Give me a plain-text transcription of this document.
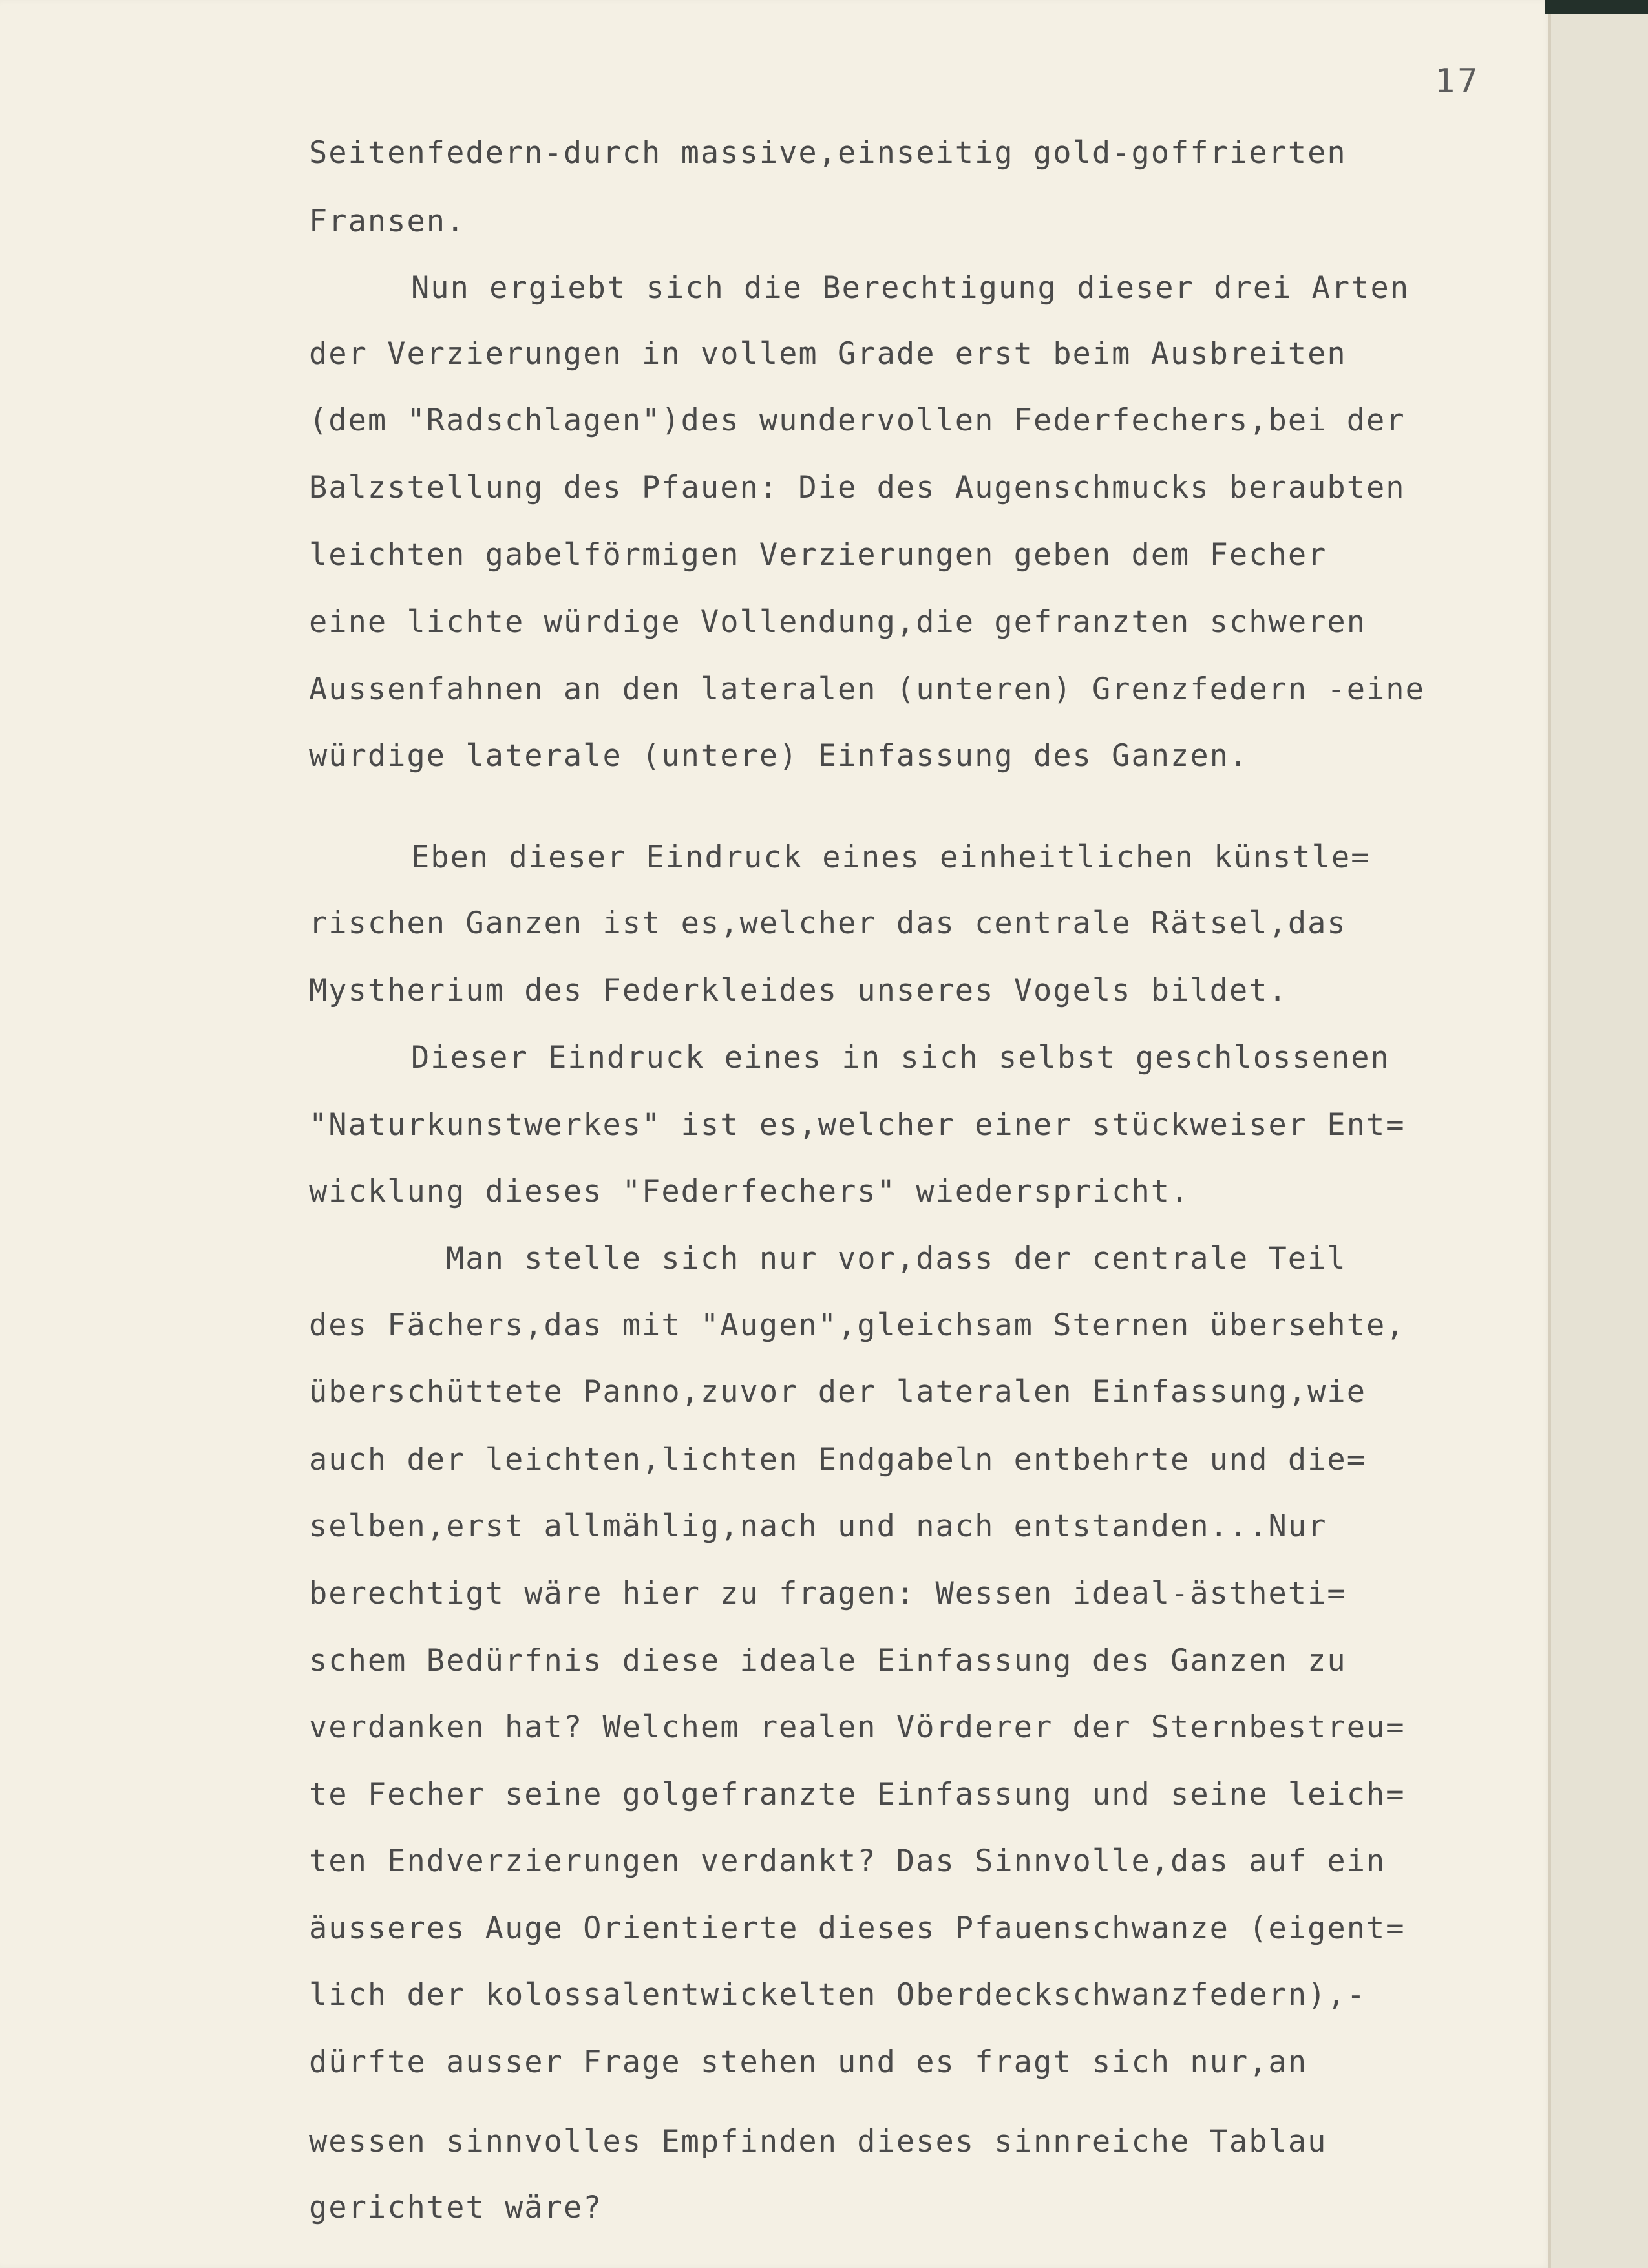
17
Seitenfedern-durch massive,einseitig gold-goffrierten
Fransen.
Nun ergiebt sich die Berechtigung dieser drei Arten
der Verzierungen in vollem Grade erst beim Ausbreiten
(dem "Radschlagen")des wundervollen Federfechers,bei der
Balzstellung des Pfauen: Die des Augenschmucks beraubten
leichten gabelförmigen Verzierungen geben dem Fecher
eine lichte würdige Vollendung,die gefranzten schweren
Aussenfahnen an den lateralen (unteren) Grenzfedern -eine
würdige laterale (untere) Einfassung des Ganzen.
Eben dieser Eindruck eines einheitlichen künstle=
rischen Ganzen ist es,welcher das centrale Rätsel,das
Mystherium des Federkleides unseres Vogels bildet.
Dieser Eindruck eines in sich selbst geschlossenen
"Naturkunstwerkes" ist es,welcher einer stückweiser Ent=
wicklung dieses "Federfechers" wiederspricht.
Man stelle sich nur vor,dass der centrale Teil
des Fächers,das mit "Augen",gleichsam Sternen übersehte,
überschüttete Panno,zuvor der lateralen Einfassung,wie
auch der leichten,lichten Endgabeln entbehrte und die=
selben,erst allmählig,nach und nach entstanden...Nur
berechtigt wäre hier zu fragen: Wessen ideal-ästheti=
schem Bedürfnis diese ideale Einfassung des Ganzen zu
verdanken hat? Welchem realen Vörderer der Sternbestreu=
te Fecher seine golgefranzte Einfassung und seine leich=
ten Endverzierungen verdankt? Das Sinnvolle,das auf ein
äusseres Auge Orientierte dieses Pfauenschwanze (eigent=
lich der kolossalentwickelten Oberdeckschwanzfedern),-
dürfte ausser Frage stehen und es fragt sich nur,an
wessen sinnvolles Empfinden dieses sinnreiche Tablau
gerichtet wäre?
